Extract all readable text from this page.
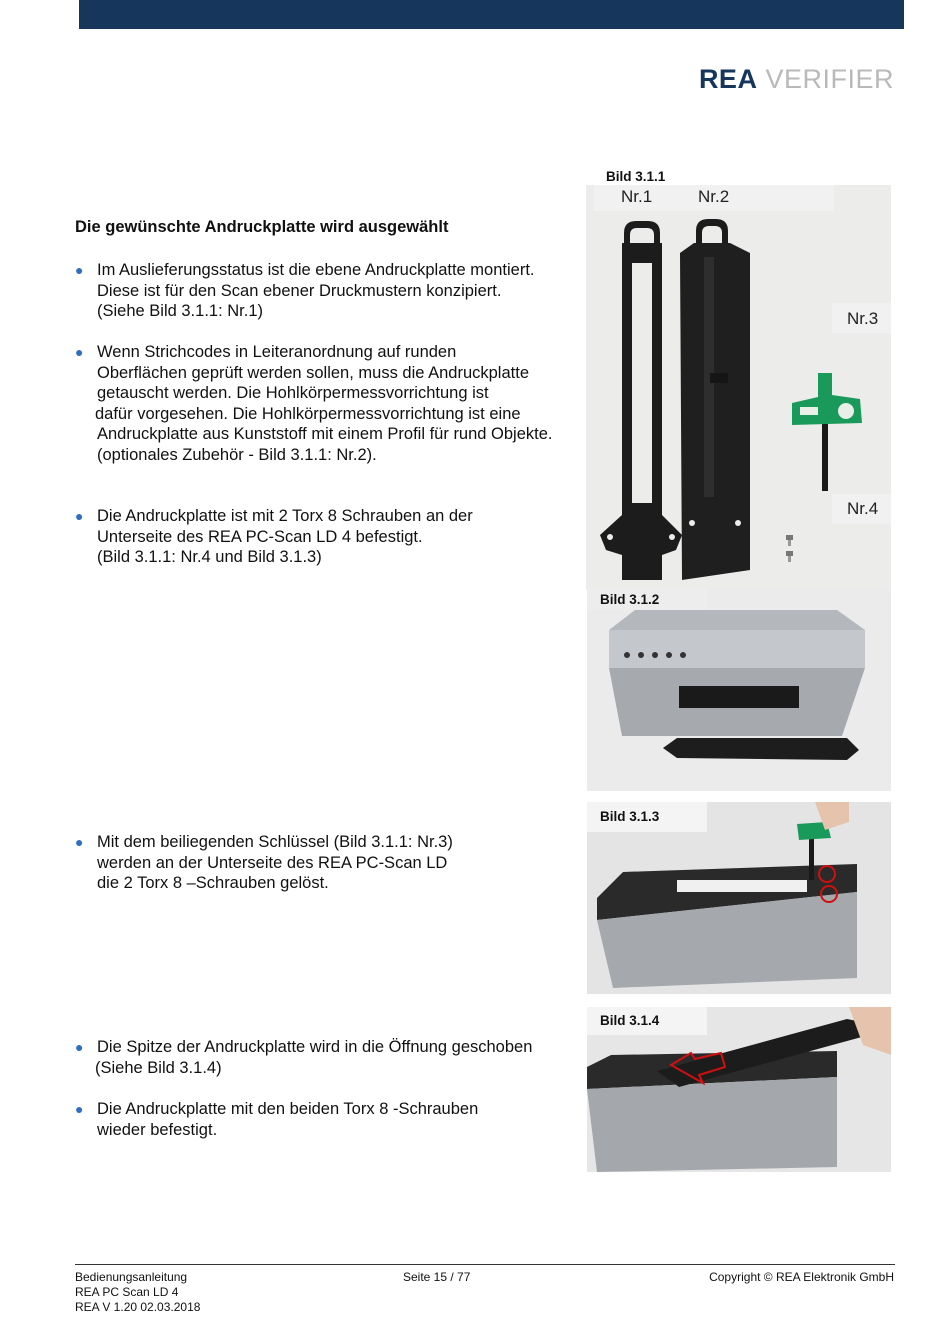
REA VERIFIER
Die gewünschte Andruckplatte wird ausgewählt
● Im Auslieferungsstatus ist die ebene Andruckplatte montiert.
Diese ist für den Scan ebener Druckmustern konzipiert.
(Siehe Bild 3.1.1: Nr.1)
● Wenn Strichcodes in Leiteranordnung auf runden
Oberflächen geprüft werden sollen, muss die Andruckplatte
getauscht werden. Die Hohlkörpermessvorrichtung ist
dafür vorgesehen. Die Hohlkörpermessvorrichtung ist eine
Andruckplatte aus Kunststoff mit einem Profil für rund Objekte.
(optionales Zubehör - Bild 3.1.1: Nr.2).
● Die Andruckplatte ist mit 2 Torx 8 Schrauben an der
Unterseite des REA PC-Scan LD 4 befestigt.
(Bild 3.1.1: Nr.4 und Bild 3.1.3)
● Mit dem beiliegenden Schlüssel (Bild 3.1.1: Nr.3)
werden an der Unterseite des REA PC-Scan LD
die 2 Torx 8 –Schrauben gelöst.
● Die Spitze der Andruckplatte wird in die Öffnung geschoben
(Siehe Bild 3.1.4)
● Die Andruckplatte mit den beiden Torx 8 -Schrauben
wieder befestigt.
Bild 3.1.1
Nr.1	Nr.2
Nr.3
Nr.4
Bild 3.1.2
Bild 3.1.3
Bild 3.1.4
Bedienungsanleitung
REA PC Scan LD 4
REA V 1.20 02.03.2018
Seite 15 / 77	Copyright © REA Elektronik GmbH
